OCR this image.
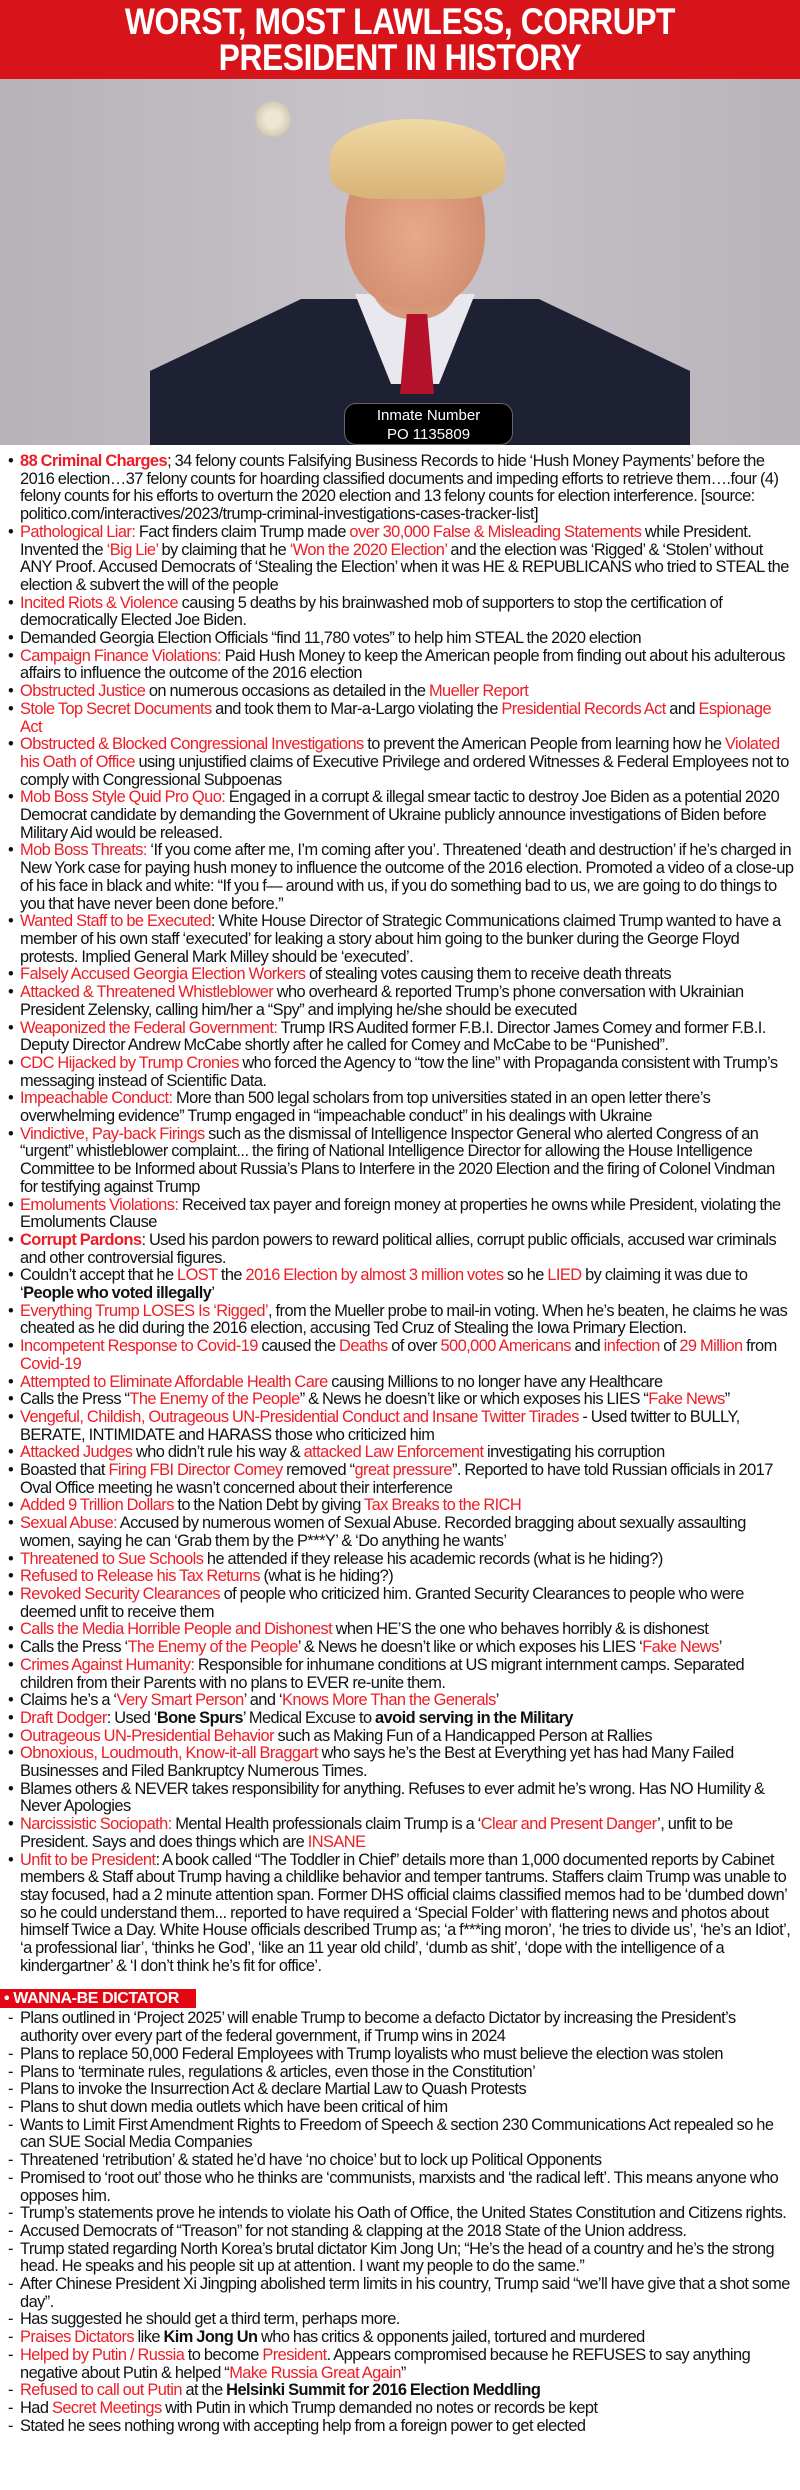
WORST, MOST LAWLESS, CORRUPT
PRESIDENT IN HISTORY
Inmate Number
PO 1135809
• 88 Criminal Charges; 34 felony counts Falsifying Business Records to hide ‘Hush Money Payments’ before the 2016 election…37 felony counts for hoarding classified documents and impeding efforts to retrieve them….four (4) felony counts for his efforts to overturn the 2020 election and 13 felony counts for election interference. [source: politico.com/interactives/2023/trump-criminal-investigations-cases-tracker-list]
• Pathological Liar: Fact finders claim Trump made over 30,000 False & Misleading Statements while President. Invented the ‘Big Lie’ by claiming that he ‘Won the 2020 Election’ and the election was ‘Rigged’ & ‘Stolen’ without ANY Proof. Accused Democrats of ‘Stealing the Election’ when it was HE & REPUBLICANS who tried to STEAL the election & subvert the will of the people
• Incited Riots & Violence causing 5 deaths by his brainwashed mob of supporters to stop the certification of democratically Elected Joe Biden.
• Demanded Georgia Election Officials “find 11,780 votes” to help him STEAL the 2020 election
• Campaign Finance Violations: Paid Hush Money to keep the American people from finding out about his adulterous affairs to influence the outcome of the 2016 election
• Obstructed Justice on numerous occasions as detailed in the Mueller Report
• Stole Top Secret Documents and took them to Mar-a-Largo violating the Presidential Records Act and Espionage Act
• Obstructed & Blocked Congressional Investigations to prevent the American People from learning how he Violated his Oath of Office using unjustified claims of Executive Privilege and ordered Witnesses & Federal Employees not to comply with Congressional Subpoenas
• Mob Boss Style Quid Pro Quo: Engaged in a corrupt & illegal smear tactic to destroy Joe Biden as a potential 2020 Democrat candidate by demanding the Government of Ukraine publicly announce investigations of Biden before Military Aid would be released.
• Mob Boss Threats: ‘If you come after me, I’m coming after you’. Threatened ‘death and destruction’ if he’s charged in New York case for paying hush money to influence the outcome of the 2016 election. Promoted a video of a close-up of his face in black and white: “If you f— around with us, if you do something bad to us, we are going to do things to you that have never been done before.”
• Wanted Staff to be Executed: White House Director of Strategic Communications claimed Trump wanted to have a member of his own staff ‘executed’ for leaking a story about him going to the bunker during the George Floyd protests. Implied General Mark Milley should be ‘executed’.
• Falsely Accused Georgia Election Workers of stealing votes causing them to receive death threats
• Attacked & Threatened Whistleblower who overheard & reported Trump’s phone conversation with Ukrainian President Zelensky, calling him/her a “Spy” and implying he/she should be executed
• Weaponized the Federal Government: Trump IRS Audited former F.B.I. Director James Comey and former F.B.I. Deputy Director Andrew McCabe shortly after he called for Comey and McCabe to be “Punished”.
• CDC Hijacked by Trump Cronies who forced the Agency to “tow the line” with Propaganda consistent with Trump’s messaging instead of Scientific Data.
• Impeachable Conduct: More than 500 legal scholars from top universities stated in an open letter there’s overwhelming evidence” Trump engaged in “impeachable conduct” in his dealings with Ukraine
• Vindictive, Pay-back Firings such as the dismissal of Intelligence Inspector General who alerted Congress of an “urgent” whistleblower complaint... the firing of National Intelligence Director for allowing the House Intelligence Committee to be Informed about Russia’s Plans to Interfere in the 2020 Election and the firing of Colonel Vindman for testifying against Trump
• Emoluments Violations: Received tax payer and foreign money at properties he owns while President, violating the Emoluments Clause
• Corrupt Pardons: Used his pardon powers to reward political allies, corrupt public officials, accused war criminals and other controversial figures.
• Couldn’t accept that he LOST the 2016 Election by almost 3 million votes so he LIED by claiming it was due to ‘People who voted illegally’
• Everything Trump LOSES Is ‘Rigged’, from the Mueller probe to mail-in voting. When he’s beaten, he claims he was cheated as he did during the 2016 election, accusing Ted Cruz of Stealing the Iowa Primary Election.
• Incompetent Response to Covid-19 caused the Deaths of over 500,000 Americans and infection of 29 Million from Covid-19
• Attempted to Eliminate Affordable Health Care causing Millions to no longer have any Healthcare
• Calls the Press “The Enemy of the People” & News he doesn’t like or which exposes his LIES “Fake News”
• Vengeful, Childish, Outrageous UN-Presidential Conduct and Insane Twitter Tirades - Used twitter to BULLY, BERATE, INTIMIDATE and HARASS those who criticized him
• Attacked Judges who didn’t rule his way & attacked Law Enforcement investigating his corruption
• Boasted that Firing FBI Director Comey removed “great pressure”. Reported to have told Russian officials in 2017 Oval Office meeting he wasn’t concerned about their interference
• Added 9 Trillion Dollars to the Nation Debt by giving Tax Breaks to the RICH
• Sexual Abuse: Accused by numerous women of Sexual Abuse. Recorded bragging about sexually assaulting women, saying he can ‘Grab them by the P***Y’ & ‘Do anything he wants’
• Threatened to Sue Schools he attended if they release his academic records (what is he hiding?)
• Refused to Release his Tax Returns (what is he hiding?)
• Revoked Security Clearances of people who criticized him. Granted Security Clearances to people who were deemed unfit to receive them
• Calls the Media Horrible People and Dishonest when HE’S the one who behaves horribly & is dishonest
• Calls the Press ‘The Enemy of the People’ & News he doesn’t like or which exposes his LIES ‘Fake News’
• Crimes Against Humanity: Responsible for inhumane conditions at US migrant internment camps. Separated children from their Parents with no plans to EVER re-unite them.
• Claims he’s a ‘Very Smart Person’ and ‘Knows More Than the Generals’
• Draft Dodger: Used ‘Bone Spurs’ Medical Excuse to avoid serving in the Military
• Outrageous UN-Presidential Behavior such as Making Fun of a Handicapped Person at Rallies
• Obnoxious, Loudmouth, Know-it-all Braggart who says he’s the Best at Everything yet has had Many Failed Businesses and Filed Bankruptcy Numerous Times.
• Blames others & NEVER takes responsibility for anything. Refuses to ever admit he’s wrong. Has NO Humility & Never Apologies
• Narcissistic Sociopath: Mental Health professionals claim Trump is a ‘Clear and Present Danger’, unfit to be President. Says and does things which are INSANE
• Unfit to be President: A book called “The Toddler in Chief” details more than 1,000 documented reports by Cabinet members & Staff about Trump having a childlike behavior and temper tantrums. Staffers claim Trump was unable to stay focused, had a 2 minute attention span. Former DHS official claims classified memos had to be ‘dumbed down’ so he could understand them... reported to have required a ‘Special Folder’ with flattering news and photos about himself Twice a Day. White House officials described Trump as; ‘a f***ing moron’, ‘he tries to divide us’, ‘he’s an Idiot’, ‘a professional liar’, ‘thinks he God’, ‘like an 11 year old child’, ‘dumb as shit’, ‘dope with the intelligence of a kindergartner’ & ‘I don’t think he’s fit for office’.
• WANNA-BE DICTATOR
- Plans outlined in ‘Project 2025’ will enable Trump to become a defacto Dictator by increasing the President’s authority over every part of the federal government, if Trump wins in 2024
- Plans to replace 50,000 Federal Employees with Trump loyalists who must believe the election was stolen
- Plans to ‘terminate rules, regulations & articles, even those in the Constitution’
- Plans to invoke the Insurrection Act & declare Martial Law to Quash Protests
- Plans to shut down media outlets which have been critical of him
- Wants to Limit First Amendment Rights to Freedom of Speech & section 230 Communications Act repealed so he can SUE Social Media Companies
- Threatened ‘retribution’ & stated he’d have ‘no choice’ but to lock up Political Opponents
- Promised to ‘root out’ those who he thinks are ‘communists, marxists and ‘the radical left’. This means anyone who opposes him.
- Trump’s statements prove he intends to violate his Oath of Office, the United States Constitution and Citizens rights.
- Accused Democrats of “Treason” for not standing & clapping at the 2018 State of the Union address.
- Trump stated regarding North Korea’s brutal dictator Kim Jong Un; “He’s the head of a country and he’s the strong head. He speaks and his people sit up at attention. I want my people to do the same.”
- After Chinese President Xi Jingping abolished term limits in his country, Trump said “we’ll have give that a shot some day”.
- Has suggested he should get a third term, perhaps more.
- Praises Dictators like Kim Jong Un who has critics & opponents jailed, tortured and murdered
- Helped by Putin / Russia to become President. Appears compromised because he REFUSES to say anything negative about Putin & helped “Make Russia Great Again”
- Refused to call out Putin at the Helsinki Summit for 2016 Election Meddling
- Had Secret Meetings with Putin in which Trump demanded no notes or records be kept
- Stated he sees nothing wrong with accepting help from a foreign power to get elected
